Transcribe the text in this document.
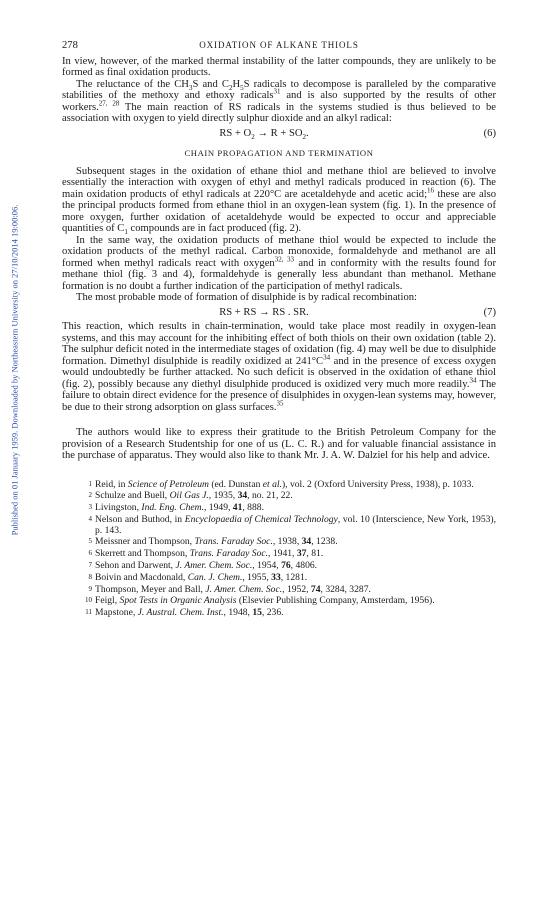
Published on 01 January 1959. Downloaded by Northeastern University on 27/10/2014 19:00:06.
278	OXIDATION OF ALKANE THIOLS

In view, however, of the marked thermal instability of the latter compounds, they are unlikely to be formed as final oxidation products.

The reluctance of the $CH_3S$ and $C_2H_5S$ radicals to decompose is paralleled by the comparative stabilities of the methoxy and ethoxy radicals$^{31}$ and is also supported by the results of other workers.$^{27, 28}$ The main reaction of RS radicals in the systems studied is thus believed to be association with oxygen to yield directly sulphur dioxide and an alkyl radical:

RS + $O_2 \to R + SO_2$.	(6)
CHAIN PROPAGATION AND TERMINATION

Subsequent stages in the oxidation of ethane thiol and methane thiol are believed to involve essentially the interaction with oxygen of ethyl and methyl radicals produced in reaction (6). The main oxidation products of ethyl radicals at 220°C are acetaldehyde and acetic acid;$^{16}$ these are also the principal products formed from ethane thiol in an oxygen-lean system (fig. 1). In the presence of more oxygen, further oxidation of acetaldehyde would be expected to occur and appreciable quantities of $C_1$ compounds are in fact produced (fig. 2).

In the same way, the oxidation products of methane thiol would be expected to include the oxidation products of the methyl radical. Carbon monoxide, formaldehyde and methanol are all formed when methyl radicals react with oxygen$^{32, 33}$ and in conformity with the results found for methane thiol (fig. 3 and 4), formaldehyde is generally less abundant than methanol. Methane formation is no doubt a further indication of the participation of methyl radicals.

The most probable mode of formation of disulphide is by radical recombination:

RS + RS → RS . SR.	(7)

This reaction, which results in chain-termination, would take place most readily in oxygen-lean systems, and this may account for the inhibiting effect of both thiols on their own oxidation (table 2). The sulphur deficit noted in the intermediate stages of oxidation (fig. 4) may well be due to disulphide formation. Dimethyl disulphide is readily oxidized at $241^\circ C^{34}$ and in the presence of excess oxygen would undoubtedly be further attacked. No such deficit is observed in the oxidation of ethane thiol (fig. 2), possibly because any diethyl disulphide produced is oxidized very much more readily.$^{34}$ The failure to obtain direct evidence for the presence of disulphides in oxygen-lean systems may, however, be due to their strong adsorption on glass surfaces.$^{35}$

The authors would like to express their gratitude to the British Petroleum Company for the provision of a Research Studentship for one of us (L. C. R.) and for valuable financial assistance in the purchase of apparatus. They would also like to thank Mr. J. A. W. Dalziel for his help and advice.

1 Reid, in Science of Petroleum (ed. Dunstan et al.), vol. 2 (Oxford University Press, 1938), p. 1033.
2 Schulze and Buell, Oil Gas J., 1935, 34, no. 21, 22.
3 Livingston, Ind. Eng. Chem., 1949, 41, 888.
4 Nelson and Buthod, in Encyclopaedia of Chemical Technology, vol. 10 (Interscience, New York, 1953), p. 143.
5 Meissner and Thompson, Trans. Faraday Soc., 1938, 34, 1238.
6 Skerrett and Thompson, Trans. Faraday Soc., 1941, 37, 81.
7 Sehon and Darwent, J. Amer. Chem. Soc., 1954, 76, 4806.
8 Boivin and Macdonald, Can. J. Chem., 1955, 33, 1281.
9 Thompson, Meyer and Ball, J. Amer. Chem. Soc., 1952, 74, 3284, 3287.
10 Feigl, Spot Tests in Organic Analysis (Elsevier Publishing Company, Amsterdam, 1956).
11 Mapstone, J. Austral. Chem. Inst., 1948, 15, 236.
